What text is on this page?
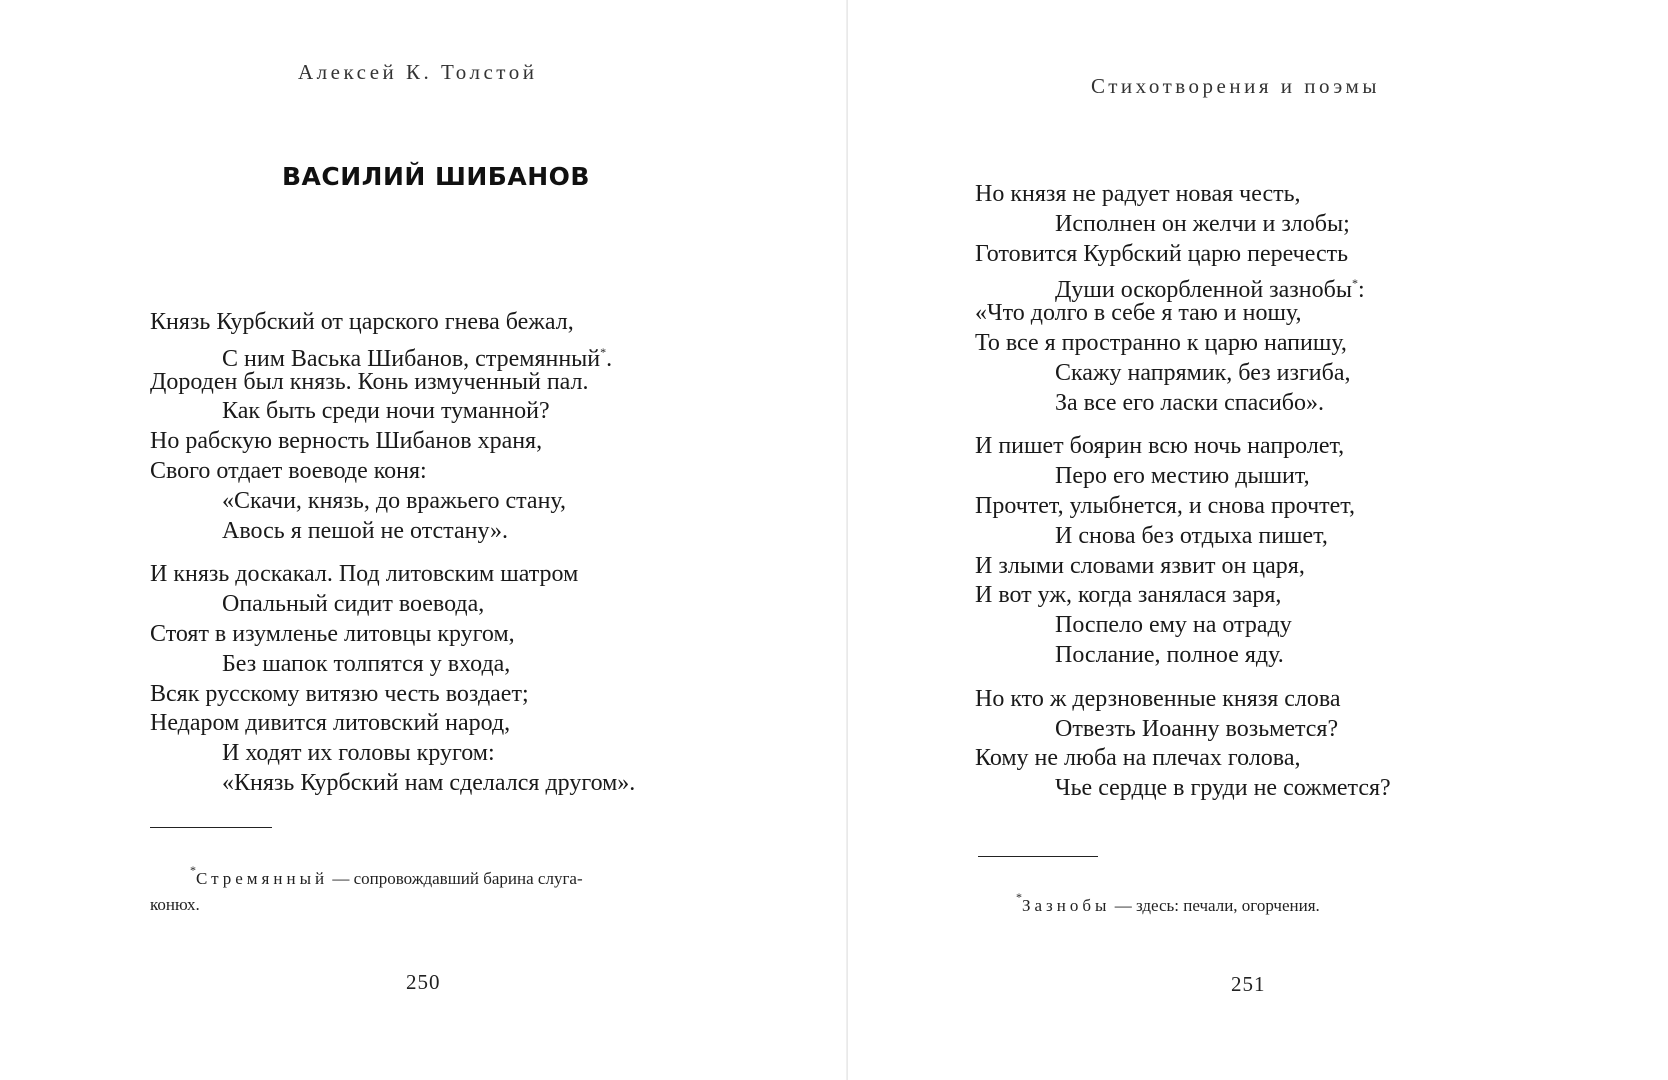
Алексей К. Толстой
ВАСИЛИЙ ШИБАНОВ
Князь Курбский от царского гнева бежал,
С ним Васька Шибанов, стремянный*.
Дороден был князь. Конь измученный пал.
Как быть среди ночи туманной?
Но рабскую верность Шибанов храня,
Свого отдает воеводе коня:
«Скачи, князь, до вражьего стану,
Авось я пешой не отстану».
И князь доскакал. Под литовским шатром
Опальный сидит воевода,
Стоят в изумленье литовцы кругом,
Без шапок толпятся у входа,
Всяк русскому витязю честь воздает;
Недаром дивится литовский народ,
И ходят их головы кругом:
«Князь Курбский нам сделался другом».
*Стремянный — сопровождавший барина слуга-
конюх.
250
Стихотворения и поэмы
Но князя не радует новая честь,
Исполнен он желчи и злобы;
Готовится Курбский царю перечесть
Души оскорбленной зазнобы*:
«Что долго в себе я таю и ношу,
То все я пространно к царю напишу,
Скажу напрямик, без изгиба,
За все его ласки спасибо».
И пишет боярин всю ночь напролет,
Перо его местию дышит,
Прочтет, улыбнется, и снова прочтет,
И снова без отдыха пишет,
И злыми словами язвит он царя,
И вот уж, когда занялася заря,
Поспело ему на отраду
Послание, полное яду.
Но кто ж дерзновенные князя слова
Отвезть Иоанну возьмется?
Кому не люба на плечах голова,
Чье сердце в груди не сожмется?
*Зазнобы — здесь: печали, огорчения.
251
